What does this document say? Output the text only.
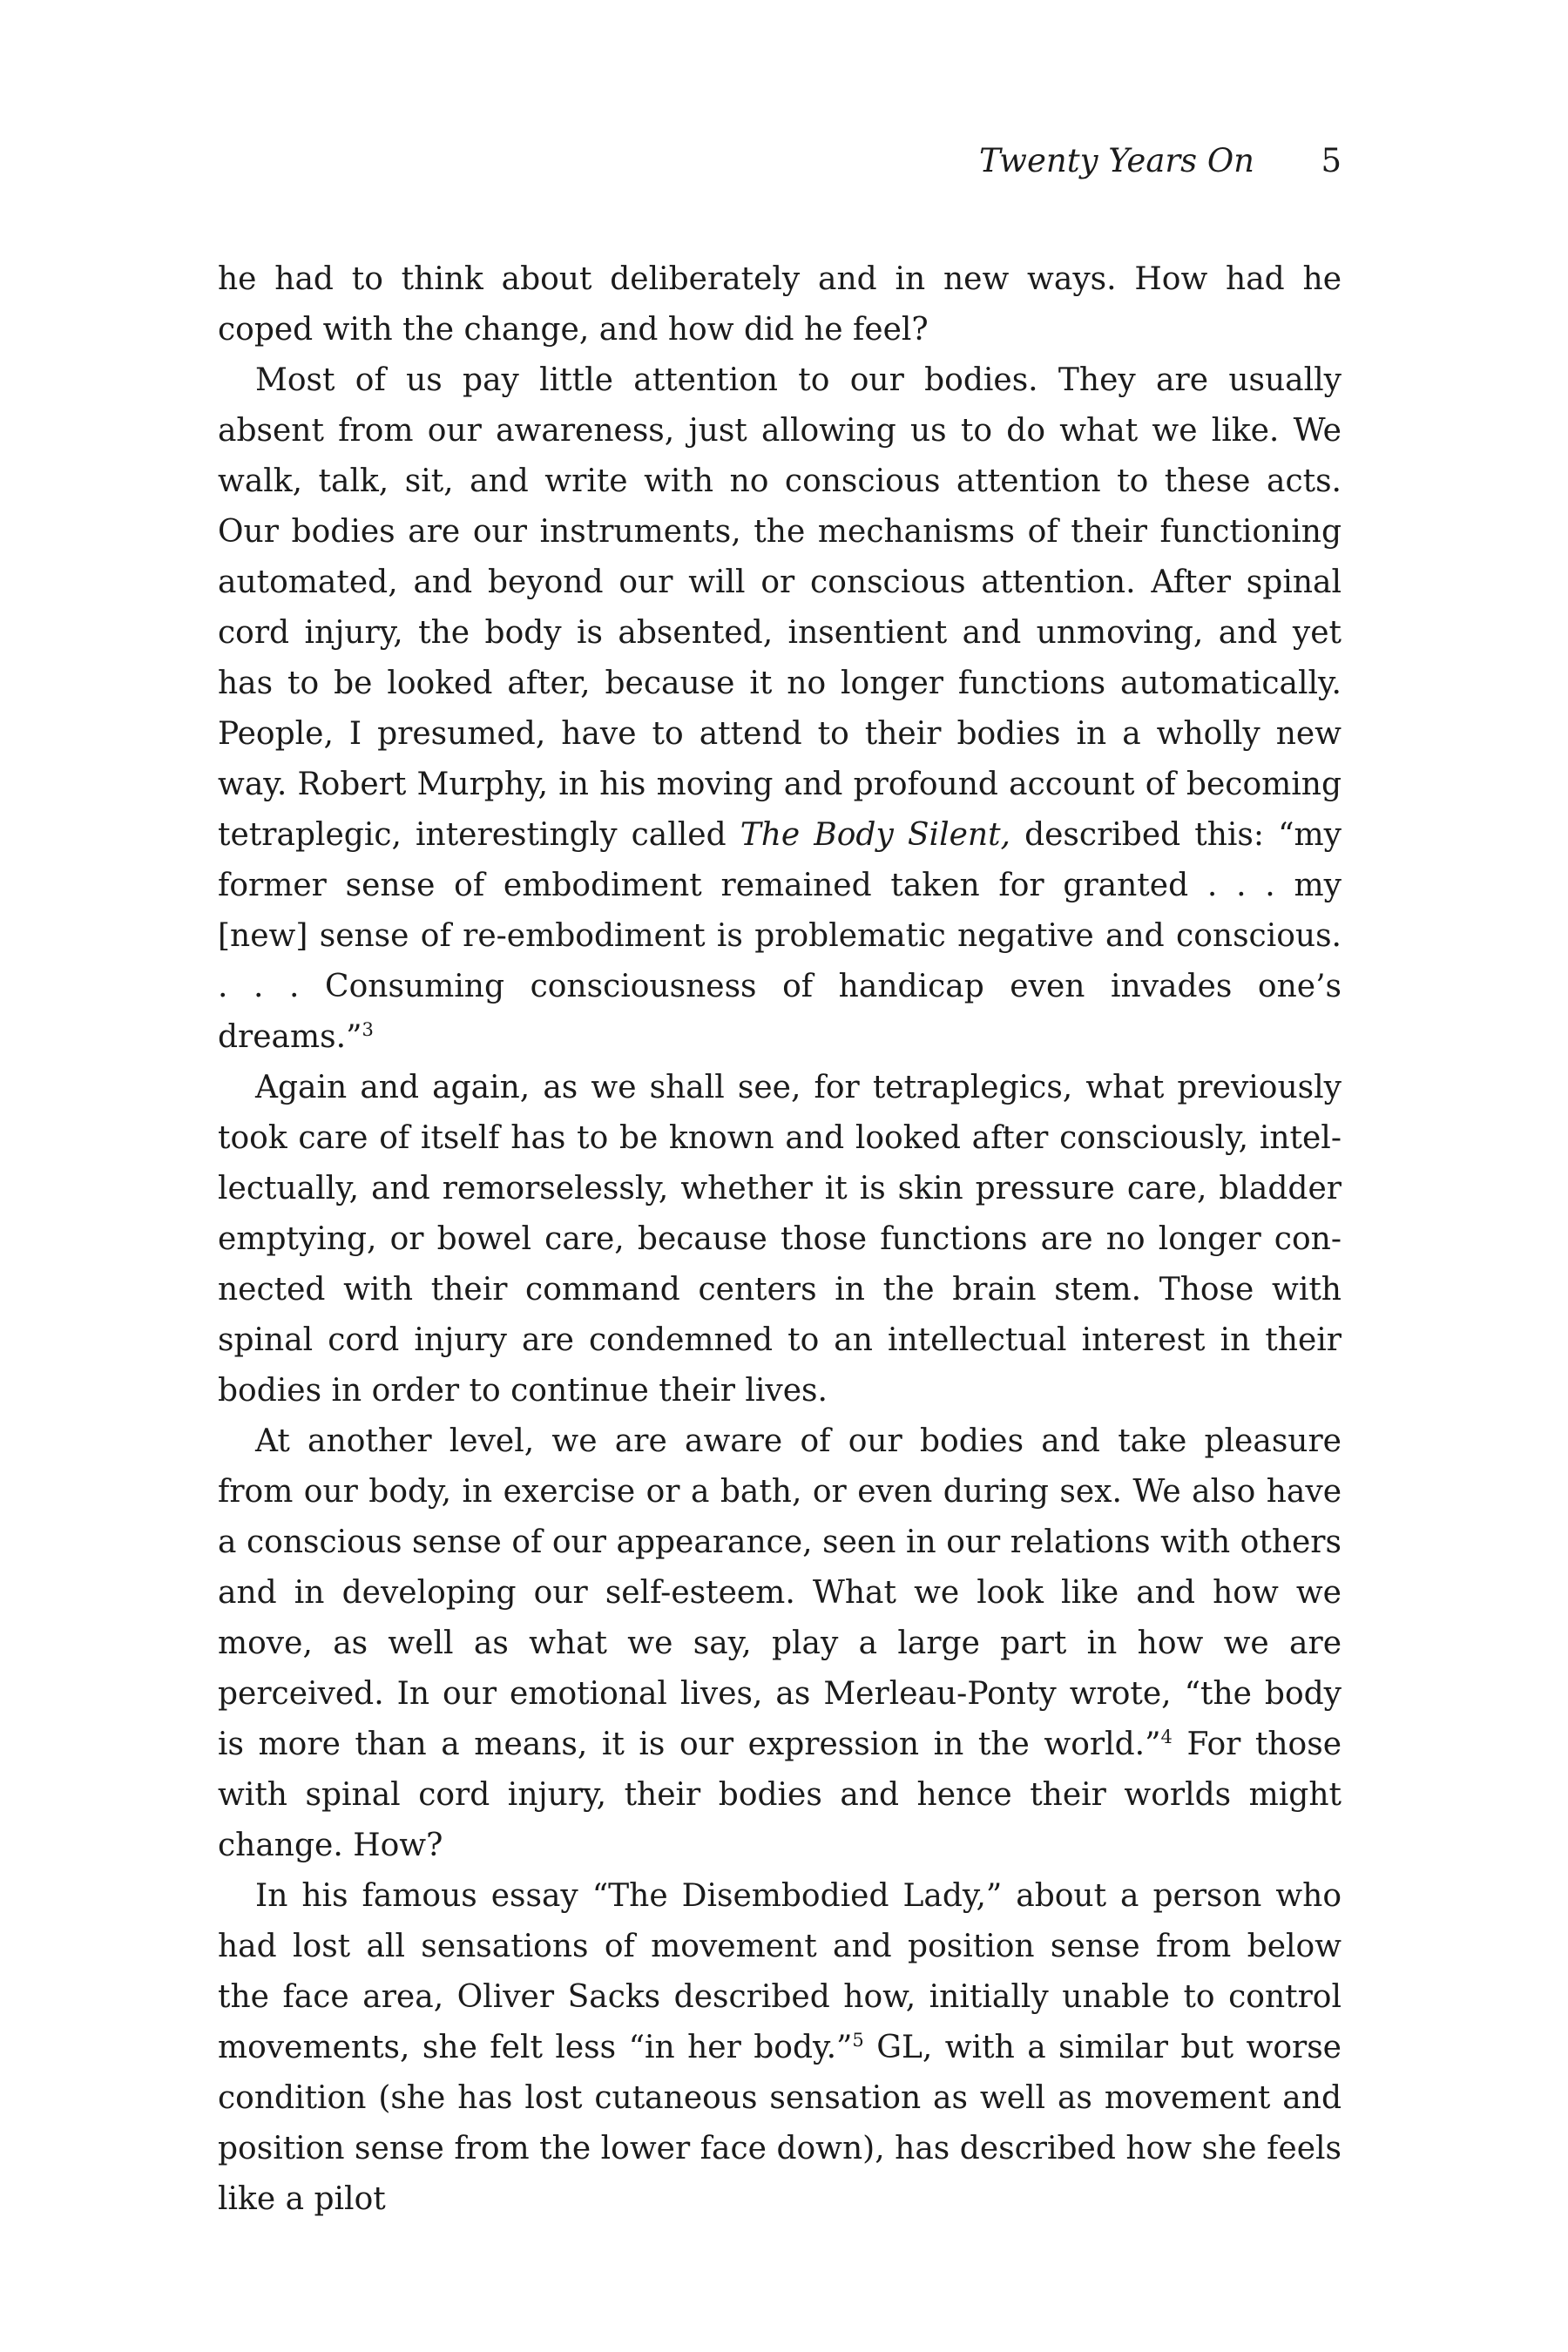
Twenty Years On 5

he had to think about deliberately and in new ways. How had he coped with the change, and how did he feel?

Most of us pay little attention to our bodies. They are usually absent from our awareness, just allowing us to do what we like. We walk, talk, sit, and write with no conscious attention to these acts. Our bodies are our instruments, the mechanisms of their functioning automated, and beyond our will or conscious attention. After spinal cord injury, the body is absented, insentient and unmoving, and yet has to be looked after, because it no longer functions automatically. People, I presumed, have to attend to their bodies in a wholly new way. Robert Murphy, in his moving and profound account of becoming tetraplegic, interestingly called The Body Silent, described this: “my former sense of embodiment remained taken for granted . . . my [new] sense of re-embodiment is problematic negative and conscious. . . . Consuming consciousness of handicap even invades one’s dreams.”$^3$

Again and again, as we shall see, for tetraplegics, what previously took care of itself has to be known and looked after consciously, intellectually, and remorselessly, whether it is skin pressure care, bladder emptying, or bowel care, because those functions are no longer connected with their command centers in the brain stem. Those with spinal cord injury are condemned to an intellectual interest in their bodies in order to continue their lives.

At another level, we are aware of our bodies and take pleasure from our body, in exercise or a bath, or even during sex. We also have a conscious sense of our appearance, seen in our relations with others and in developing our self-esteem. What we look like and how we move, as well as what we say, play a large part in how we are perceived. In our emotional lives, as Merleau-Ponty wrote, “the body is more than a means, it is our expression in the world.”$^4$ For those with spinal cord injury, their bodies and hence their worlds might change. How?

In his famous essay “The Disembodied Lady,” about a person who had lost all sensations of movement and position sense from below the face area, Oliver Sacks described how, initially unable to control movements, she felt less “in her body.”$^5$ GL, with a similar but worse condition (she has lost cutaneous sensation as well as movement and position sense from the lower face down), has described how she feels like a pilot
